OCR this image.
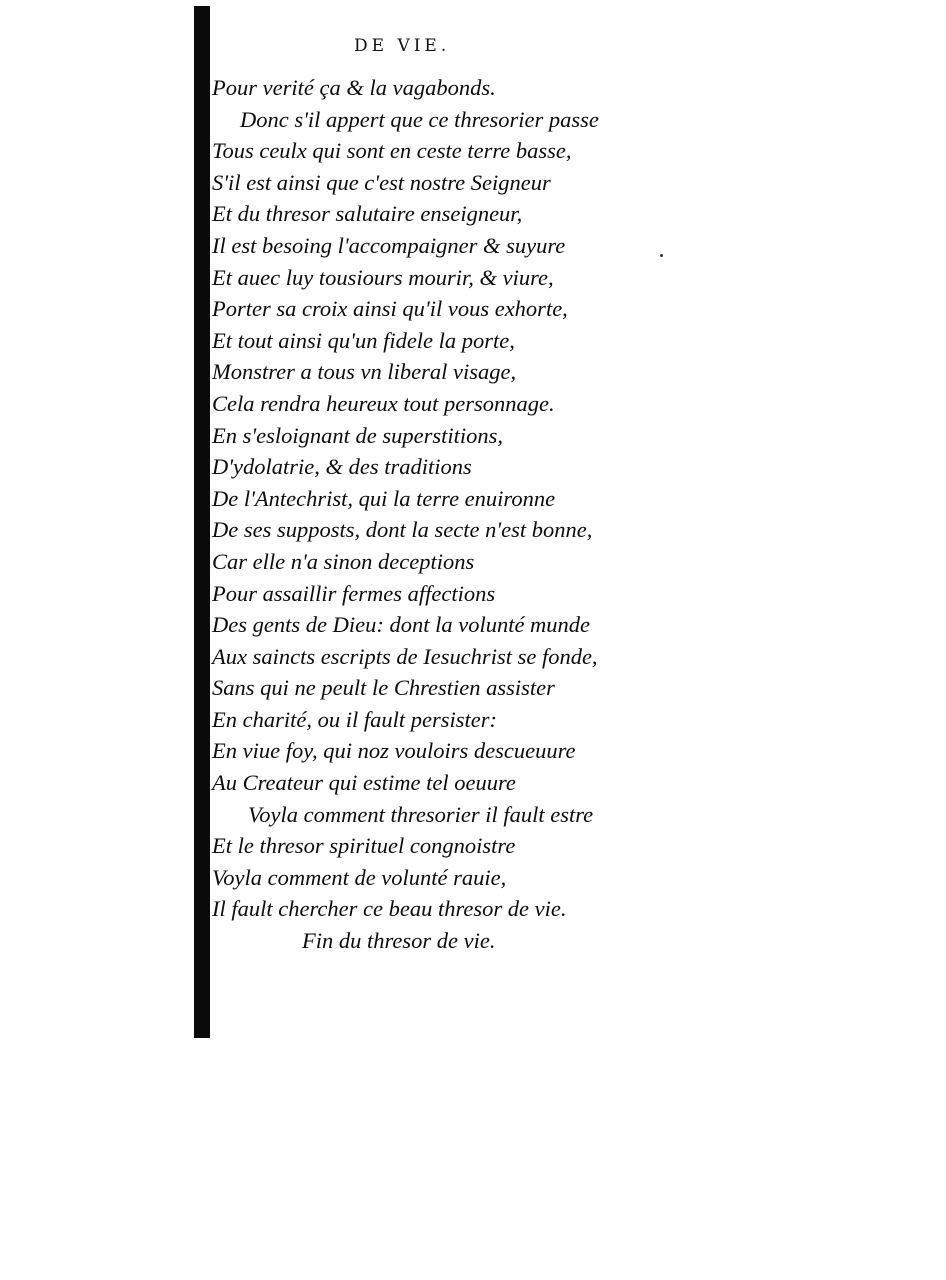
DE VIE.
Pour verité ça & la vagabonds.
Donc s'il appert que ce thresorier passe
Tous ceulx qui sont en ceste terre basse,
S'il est ainsi que c'est nostre Seigneur
Et du thresor salutaire enseigneur,
Il est besoing l'accompaigner & suyure
Et auec luy tousiours mourir, & viure,
Porter sa croix ainsi qu'il vous exhorte,
Et tout ainsi qu'un fidele la porte,
Monstrer a tous vn liberal visage,
Cela rendra heureux tout personnage.
En s'esloignant de superstitions,
D'ydolatrie, & des traditions
De l'Antechrist, qui la terre enuironne
De ses supposts, dont la secte n'est bonne,
Car elle n'a sinon deceptions
Pour assaillir fermes affections
Des gents de Dieu: dont la volunté munde
Aux saincts escripts de Iesuchrist se fonde,
Sans qui ne peult le Chrestien assister
En charité, ou il fault persister:
En viue foy, qui noz vouloirs descueuure
Au Createur qui estime tel oeuure
Voyla comment thresorier il fault estre
Et le thresor spirituel congnoistre
Voyla comment de volunté rauie,
Il fault chercher ce beau thresor de vie.
Fin du thresor de vie.
